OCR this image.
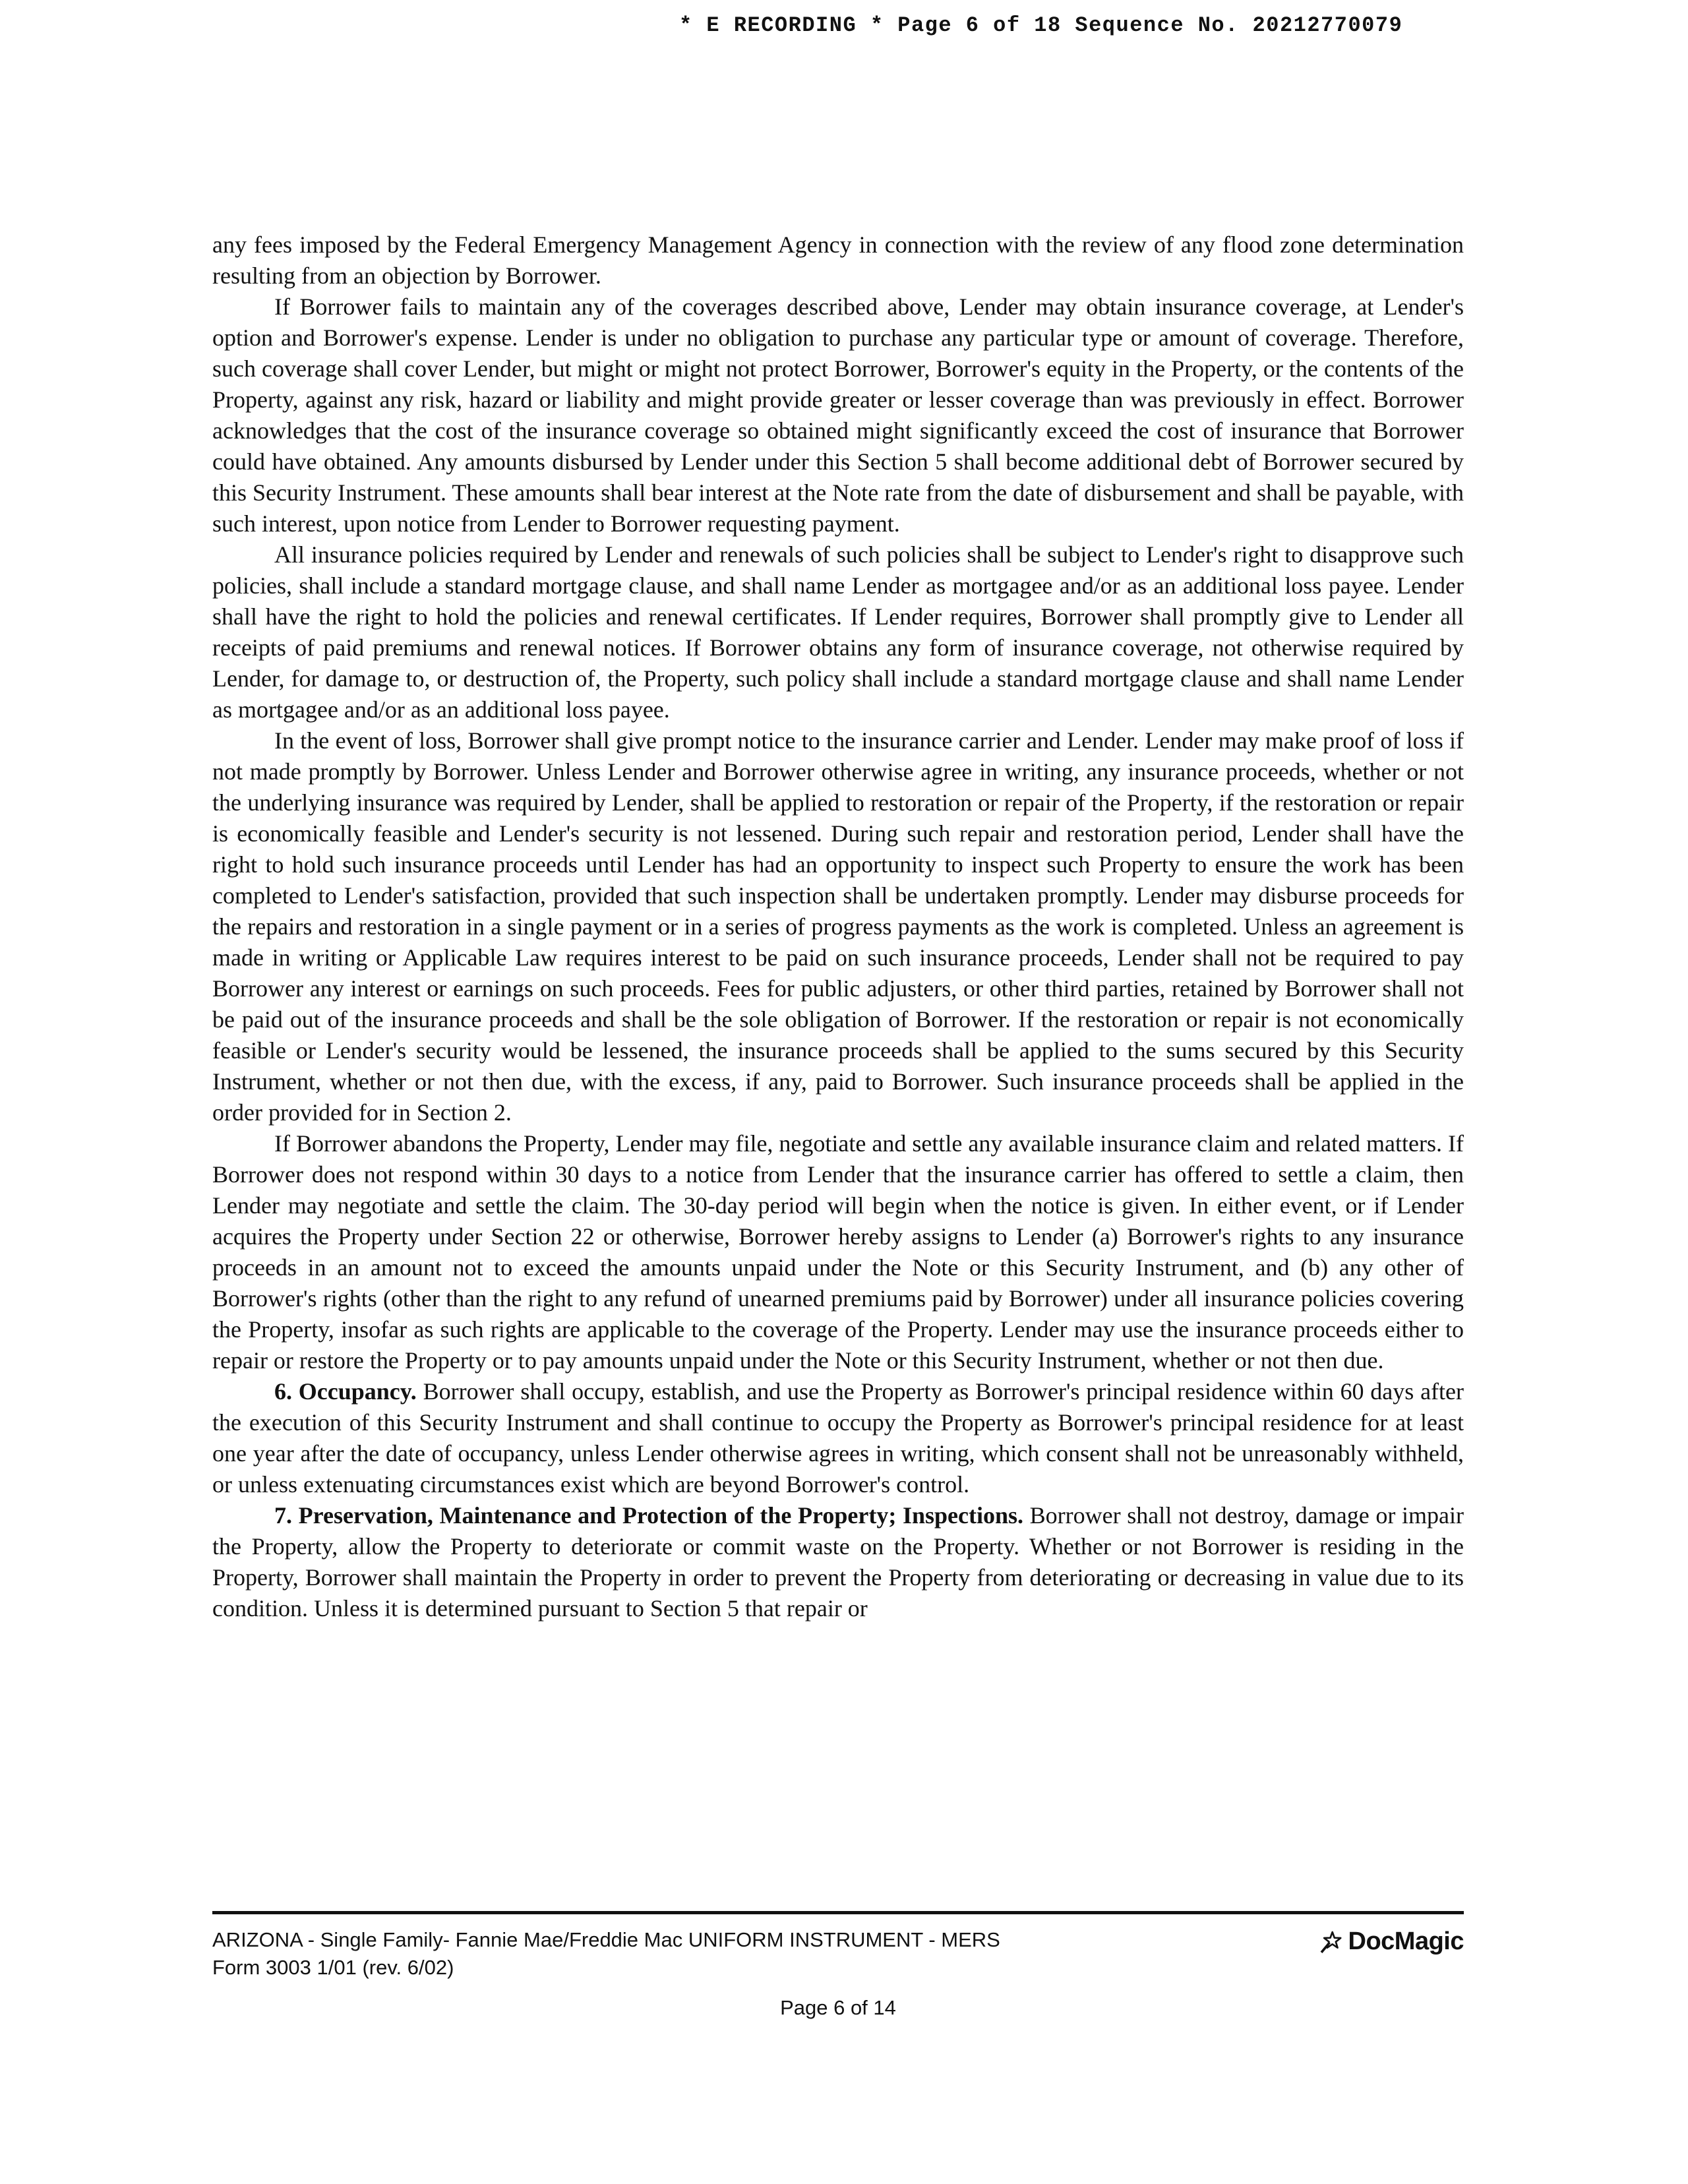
* E RECORDING * Page 6 of 18 Sequence No. 20212770079

any fees imposed by the Federal Emergency Management Agency in connection with the review of any flood zone determination resulting from an objection by Borrower.

If Borrower fails to maintain any of the coverages described above, Lender may obtain insurance coverage, at Lender's option and Borrower's expense. Lender is under no obligation to purchase any particular type or amount of coverage. Therefore, such coverage shall cover Lender, but might or might not protect Borrower, Borrower's equity in the Property, or the contents of the Property, against any risk, hazard or liability and might provide greater or lesser coverage than was previously in effect. Borrower acknowledges that the cost of the insurance coverage so obtained might significantly exceed the cost of insurance that Borrower could have obtained. Any amounts disbursed by Lender under this Section 5 shall become additional debt of Borrower secured by this Security Instrument. These amounts shall bear interest at the Note rate from the date of disbursement and shall be payable, with such interest, upon notice from Lender to Borrower requesting payment.

All insurance policies required by Lender and renewals of such policies shall be subject to Lender's right to disapprove such policies, shall include a standard mortgage clause, and shall name Lender as mortgagee and/or as an additional loss payee. Lender shall have the right to hold the policies and renewal certificates. If Lender requires, Borrower shall promptly give to Lender all receipts of paid premiums and renewal notices. If Borrower obtains any form of insurance coverage, not otherwise required by Lender, for damage to, or destruction of, the Property, such policy shall include a standard mortgage clause and shall name Lender as mortgagee and/or as an additional loss payee.

In the event of loss, Borrower shall give prompt notice to the insurance carrier and Lender. Lender may make proof of loss if not made promptly by Borrower. Unless Lender and Borrower otherwise agree in writing, any insurance proceeds, whether or not the underlying insurance was required by Lender, shall be applied to restoration or repair of the Property, if the restoration or repair is economically feasible and Lender's security is not lessened. During such repair and restoration period, Lender shall have the right to hold such insurance proceeds until Lender has had an opportunity to inspect such Property to ensure the work has been completed to Lender's satisfaction, provided that such inspection shall be undertaken promptly. Lender may disburse proceeds for the repairs and restoration in a single payment or in a series of progress payments as the work is completed. Unless an agreement is made in writing or Applicable Law requires interest to be paid on such insurance proceeds, Lender shall not be required to pay Borrower any interest or earnings on such proceeds. Fees for public adjusters, or other third parties, retained by Borrower shall not be paid out of the insurance proceeds and shall be the sole obligation of Borrower. If the restoration or repair is not economically feasible or Lender's security would be lessened, the insurance proceeds shall be applied to the sums secured by this Security Instrument, whether or not then due, with the excess, if any, paid to Borrower. Such insurance proceeds shall be applied in the order provided for in Section 2.

If Borrower abandons the Property, Lender may file, negotiate and settle any available insurance claim and related matters. If Borrower does not respond within 30 days to a notice from Lender that the insurance carrier has offered to settle a claim, then Lender may negotiate and settle the claim. The 30-day period will begin when the notice is given. In either event, or if Lender acquires the Property under Section 22 or otherwise, Borrower hereby assigns to Lender (a) Borrower's rights to any insurance proceeds in an amount not to exceed the amounts unpaid under the Note or this Security Instrument, and (b) any other of Borrower's rights (other than the right to any refund of unearned premiums paid by Borrower) under all insurance policies covering the Property, insofar as such rights are applicable to the coverage of the Property. Lender may use the insurance proceeds either to repair or restore the Property or to pay amounts unpaid under the Note or this Security Instrument, whether or not then due.

6. Occupancy. Borrower shall occupy, establish, and use the Property as Borrower's principal residence within 60 days after the execution of this Security Instrument and shall continue to occupy the Property as Borrower's principal residence for at least one year after the date of occupancy, unless Lender otherwise agrees in writing, which consent shall not be unreasonably withheld, or unless extenuating circumstances exist which are beyond Borrower's control.

7. Preservation, Maintenance and Protection of the Property; Inspections. Borrower shall not destroy, damage or impair the Property, allow the Property to deteriorate or commit waste on the Property. Whether or not Borrower is residing in the Property, Borrower shall maintain the Property in order to prevent the Property from deteriorating or decreasing in value due to its condition. Unless it is determined pursuant to Section 5 that repair or

ARIZONA - Single Family- Fannie Mae/Freddie Mac UNIFORM INSTRUMENT - MERS
Form 3003 1/01 (rev. 6/02)
DocMagic
Page 6 of 14
